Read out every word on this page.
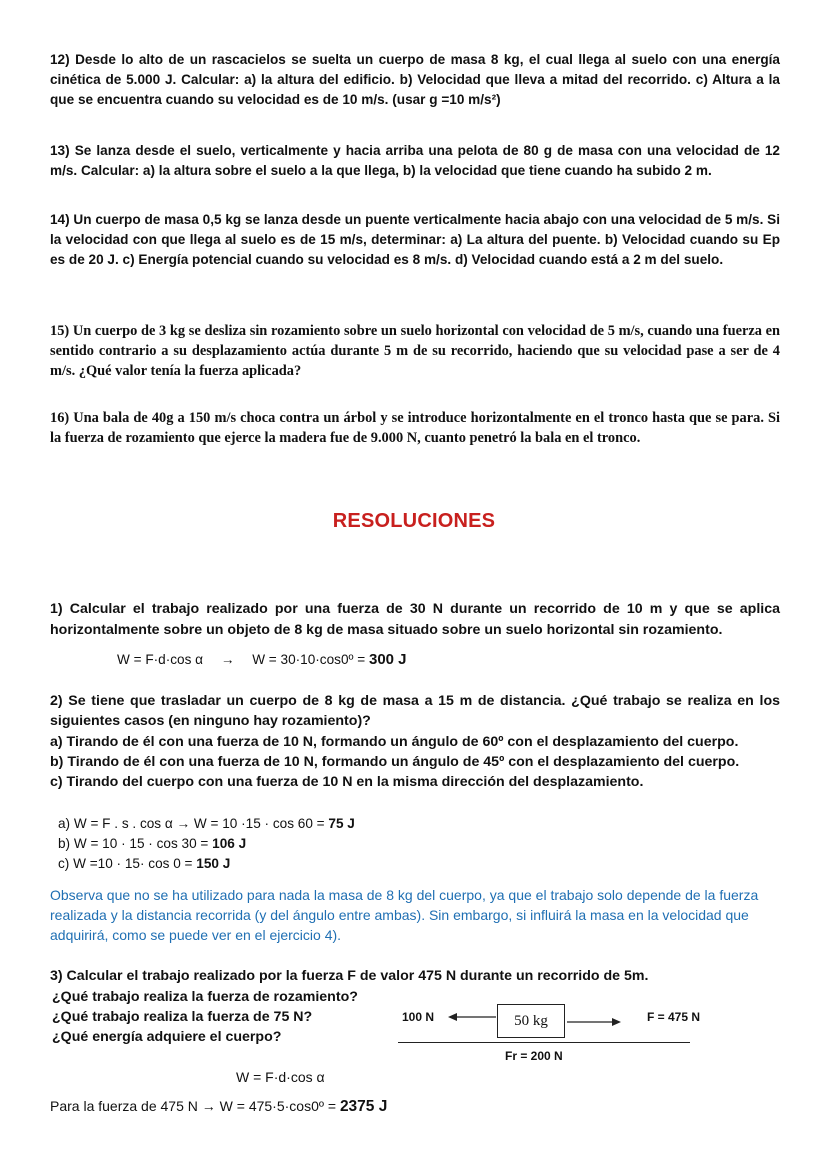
12) Desde lo alto de un rascacielos se suelta un cuerpo de masa 8 kg, el cual llega al suelo con una energía cinética de 5.000 J. Calcular: a) la altura del edificio. b) Velocidad que lleva a mitad del recorrido. c) Altura a la que se encuentra cuando su velocidad es de 10 m/s. (usar g =10 m/s²)
13) Se lanza desde el suelo, verticalmente y hacia arriba una pelota de 80 g de masa con una velocidad de 12 m/s. Calcular: a) la altura sobre el suelo a la que llega, b) la velocidad que tiene cuando ha subido 2 m.
14) Un cuerpo de masa 0,5 kg se lanza desde un puente verticalmente hacia abajo con una velocidad de 5 m/s. Si la velocidad con que llega al suelo es de 15 m/s, determinar: a) La altura del puente. b) Velocidad cuando su Ep es de 20 J. c) Energía potencial cuando su velocidad es 8 m/s. d) Velocidad cuando está a 2 m del suelo.
15) Un cuerpo de 3 kg se desliza sin rozamiento sobre un suelo horizontal con velocidad de 5 m/s, cuando una fuerza en sentido contrario a su desplazamiento actúa durante 5 m de su recorrido, haciendo que su velocidad pase a ser de 4 m/s. ¿Qué valor tenía la fuerza aplicada?
16) Una bala de 40g a 150 m/s choca contra un árbol y se introduce horizontalmente en el tronco hasta que se para. Si la fuerza de rozamiento que ejerce la madera fue de 9.000 N, cuanto penetró la bala en el tronco.
RESOLUCIONES
1) Calcular el trabajo realizado por una fuerza de 30 N durante un recorrido de 10 m y que se aplica horizontalmente sobre un objeto de 8 kg de masa situado sobre un suelo horizontal sin rozamiento.
W = F·d·cos α → W = 30·10·cos0º = 300 J
2) Se tiene que trasladar un cuerpo de 8 kg de masa a 15 m de distancia. ¿Qué trabajo se realiza en los siguientes casos (en ninguno hay rozamiento)?
a) Tirando de él con una fuerza de 10 N, formando un ángulo de 60º con el desplazamiento del cuerpo.
b) Tirando de él con una fuerza de 10 N, formando un ángulo de 45º con el desplazamiento del cuerpo.
c) Tirando del cuerpo con una fuerza de 10 N en la misma dirección del desplazamiento.
a) W = F . s . cos α → W = 10 ·15 · cos 60 = 75 J
b) W = 10 · 15 · cos 30 = 106 J
c) W =10 · 15· cos 0 = 150 J
Observa que no se ha utilizado para nada la masa de 8 kg del cuerpo, ya que el trabajo solo depende de la fuerza realizada y la distancia recorrida (y del ángulo entre ambas). Sin embargo, si influirá la masa en la velocidad que adquirirá, como se puede ver en el ejercicio 4).
3) Calcular el trabajo realizado por la fuerza F de valor 475 N durante un recorrido de 5m.
¿Qué trabajo realiza la fuerza de rozamiento?
¿Qué trabajo realiza la fuerza de 75 N?
¿Qué energía adquiere el cuerpo?
100 N	50 kg	F = 475 N
Fr = 200 N
W = F·d·cos α
Para la fuerza de 475 N → W = 475·5·cos0º = 2375 J
